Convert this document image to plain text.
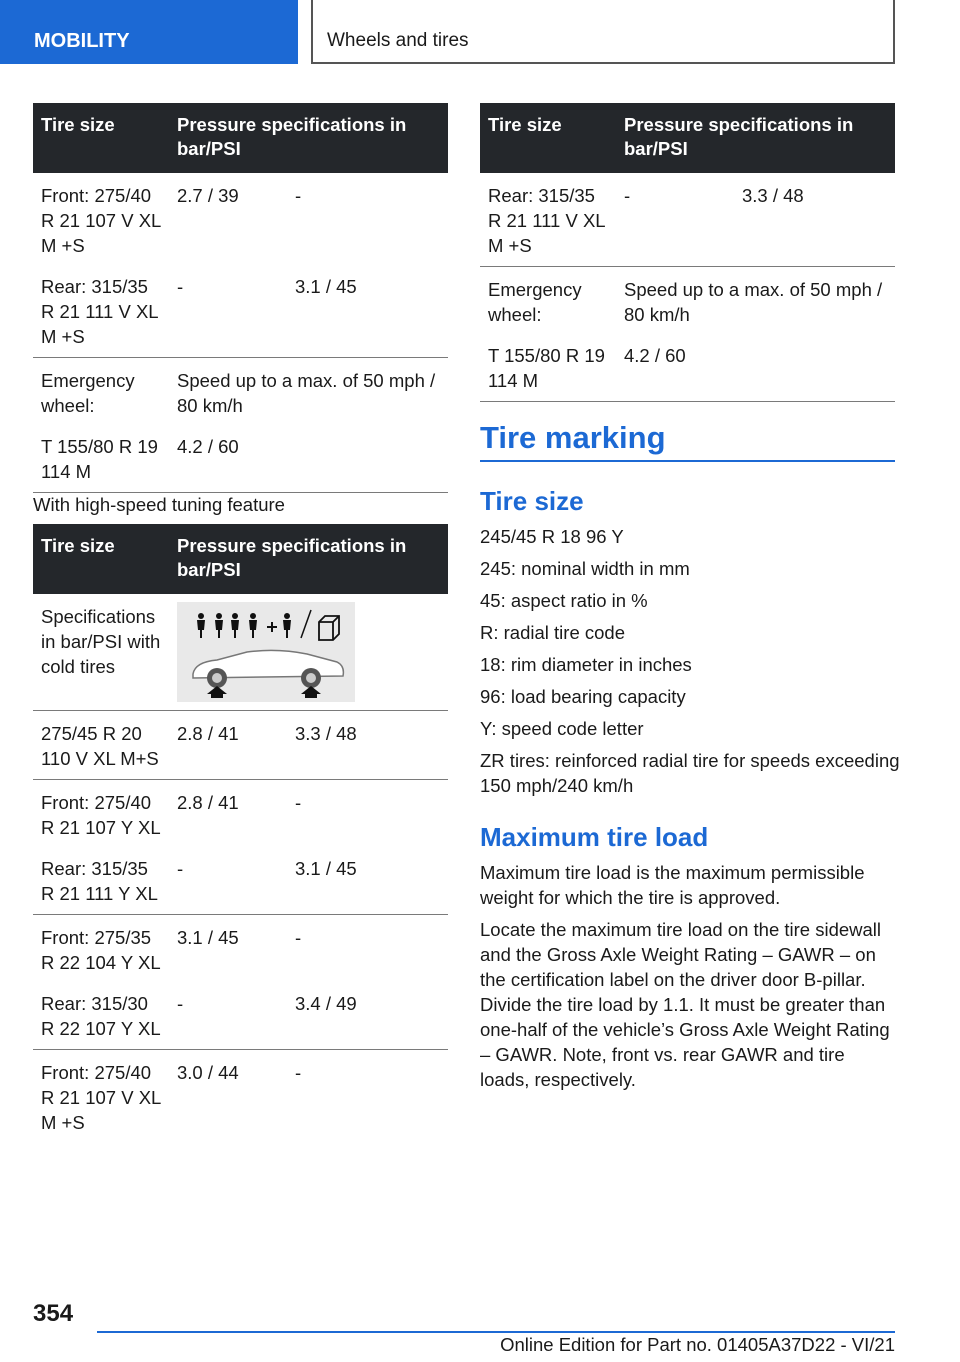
MOBILITY	Wheels and tires
Tire size	Pressure specifications in bar/PSI	
Front: 275/40 R 21 107 V XL M +S	2.7 / 39	-
Rear: 315/35 R 21 111 V XL M +S	-	3.1 / 45
Emergency wheel:	Speed up to a max. of 50 mph / 80 km/h	
T 155/80 R 19 114 M	4.2 / 60	
With high-speed tuning feature
Tire size	Pressure specifications in bar/PSI	
Specifications in bar/PSI with cold tires	

275/45 R 20 110 V XL M+S	2.8 / 41	3.3 / 48
Front: 275/40 R 21 107 Y XL	2.8 / 41	-
Rear: 315/35 R 21 111 Y XL	-	3.1 / 45
Front: 275/35 R 22 104 Y XL	3.1 / 45	-
Rear: 315/30 R 22 107 Y XL	-	3.4 / 49
Front: 275/40 R 21 107 V XL M +S	3.0 / 44	-
Tire size	Pressure specifications in bar/PSI	
Rear: 315/35 R 21 111 V XL M +S	-	3.3 / 48
Emergency wheel:	Speed up to a max. of 50 mph / 80 km/h	
T 155/80 R 19 114 M	4.2 / 60	
Tire marking
Tire size

245/45 R 18 96 Y

245: nominal width in mm

45: aspect ratio in %

R: radial tire code

18: rim diameter in inches

96: load bearing capacity

Y: speed code letter

ZR tires: reinforced radial tire for speeds exceeding 150 mph/240 km/h

Maximum tire load

Maximum tire load is the maximum permissible weight for which the tire is approved.

Locate the maximum tire load on the tire sidewall and the Gross Axle Weight Rating – GAWR – on the certification label on the driver door B-pillar. Divide the tire load by 1.1. It must be greater than one-half of the vehicle’s Gross Axle Weight Rating – GAWR. Note, front vs. rear GAWR and tire loads, respectively.

354
Online Edition for Part no. 01405A37D22 - VI/21
